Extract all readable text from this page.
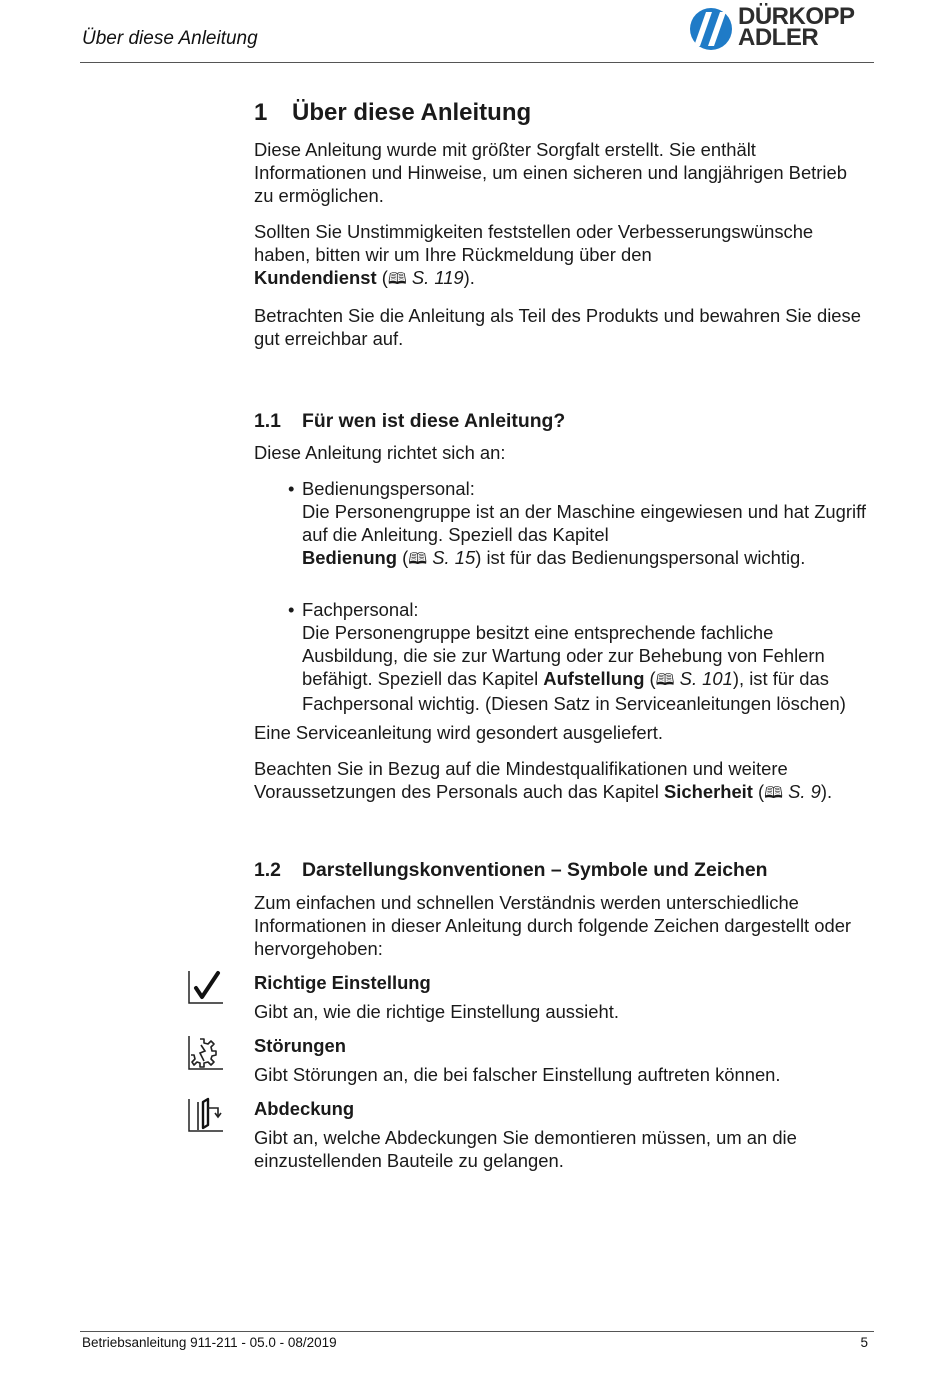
Über diese Anleitung
DÜRKOPP
ADLER
1 Über diese Anleitung

Diese Anleitung wurde mit größter Sorgfalt erstellt. Sie enthält Informationen und Hinweise, um einen sicheren und langjährigen Betrieb zu ermöglichen.

Sollten Sie Unstimmigkeiten feststellen oder Verbesserungswünsche haben, bitten wir um Ihre Rückmeldung über den
Kundendienst (🕮 S. 119).

Betrachten Sie die Anleitung als Teil des Produkts und bewahren Sie diese gut erreichbar auf.

1.1 Für wen ist diese Anleitung?

Diese Anleitung richtet sich an:

• Bedienungspersonal:
Die Personengruppe ist an der Maschine eingewiesen und hat Zugriff auf die Anleitung. Speziell das Kapitel
Bedienung (🕮 S. 15) ist für das Bedienungspersonal wichtig.
• Fachpersonal:
Die Personengruppe besitzt eine entsprechende fachliche Ausbildung, die sie zur Wartung oder zur Behebung von Fehlern befähigt. Speziell das Kapitel Aufstellung (🕮 S. 101), ist für das Fachpersonal wichtig. (Diesen Satz in Serviceanleitungen löschen)

Eine Serviceanleitung wird gesondert ausgeliefert.

Beachten Sie in Bezug auf die Mindestqualifikationen und weitere Voraussetzungen des Personals auch das Kapitel Sicherheit (🕮 S. 9).

1.2 Darstellungskonventionen – Symbole und Zeichen

Zum einfachen und schnellen Verständnis werden unterschiedliche Informationen in dieser Anleitung durch folgende Zeichen dargestellt oder hervorgehoben:

Richtige Einstellung
Gibt an, wie die richtige Einstellung aussieht.
Störungen
Gibt Störungen an, die bei falscher Einstellung auftreten können.
Abdeckung
Gibt an, welche Abdeckungen Sie demontieren müssen, um an die einzustellenden Bauteile zu gelangen.
Betriebsanleitung 911-211 - 05.0 - 08/2019	5
